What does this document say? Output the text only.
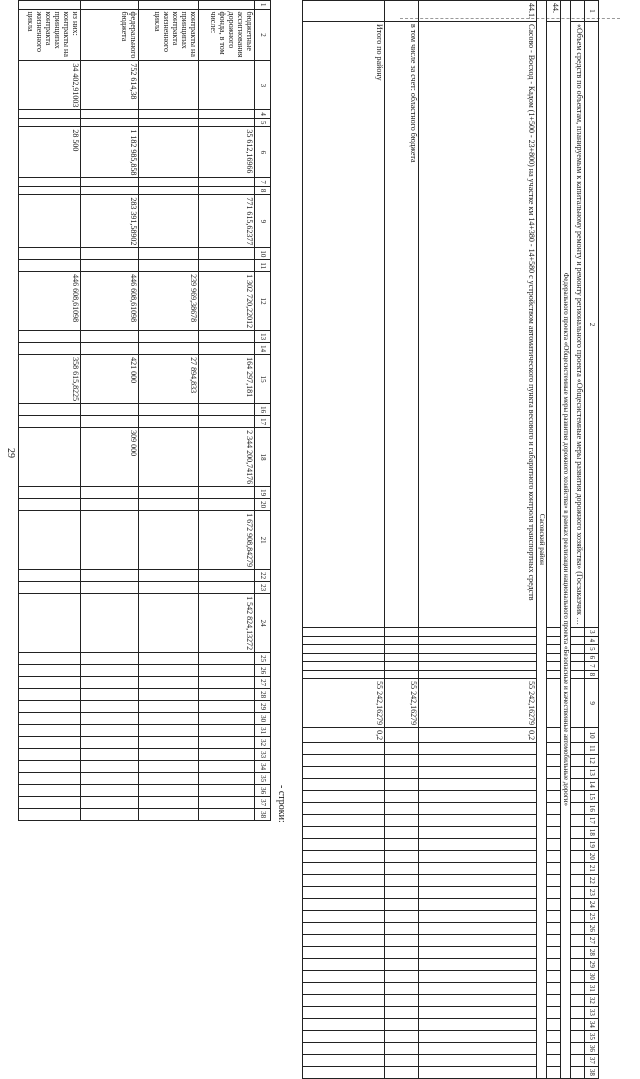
29
1	2	3	4	5	6	7	8	9	10	11	12	13	14	15	16	17	18	19	20	21	22	23	24	25	26	27	28	29	30	31	32	33	34	35	36	37	38
	бюджетные ассигнования дорожного фонда, в том числе:				35 612,16966			771 615,62377			1 302 720,22012			164 297,181			2 344 200,74176			1 672 908,84279			1 542 824,13272														
	контракты на принципах контракта жизненного цикла										239 969,38678			27 894,833																							
	федерального бюджета	752 614,38			1 182 985,858			283 391,58902			446 608,61098			421 000			309 000																				
	из них: контракты на принципах контракта жизненного цикла	34 402,91003			28 500						446 608,61098			358 615,8225																							
- строки:
1	2	3	4	5	6	7	8	9	10	11	12	13	14	15	16	17	18	19	20	21	22	23	24	25	26	27	28	29	30	31	32	33	34	35	36	37	38
	«Объем средств по объектам, планируемым к капитальному ремонту и ремонту регионального проекта «Общесистемные меры развития дорожного хозяйства» (Госзаказчик …																																				
Федерального проекта «Общесистемные меры развития дорожного хозяйства» в рамках реализации национального проекта «Безопасные и качественные автомобильные дороги»																																					
44.																																					
Сасовский район																																					
44.1.	Сасово - Восход - Кадом (1+500 - 23+800) на участке км 14+380 - 14+580 с устройством автоматического пункта весового и габаритного контроля транспортных средств							55 242,16279	0,2																												
	в том числе за счет: областного бюджета							55 242,16279																													
	Итого по району							55 242,16279	0,2																												
